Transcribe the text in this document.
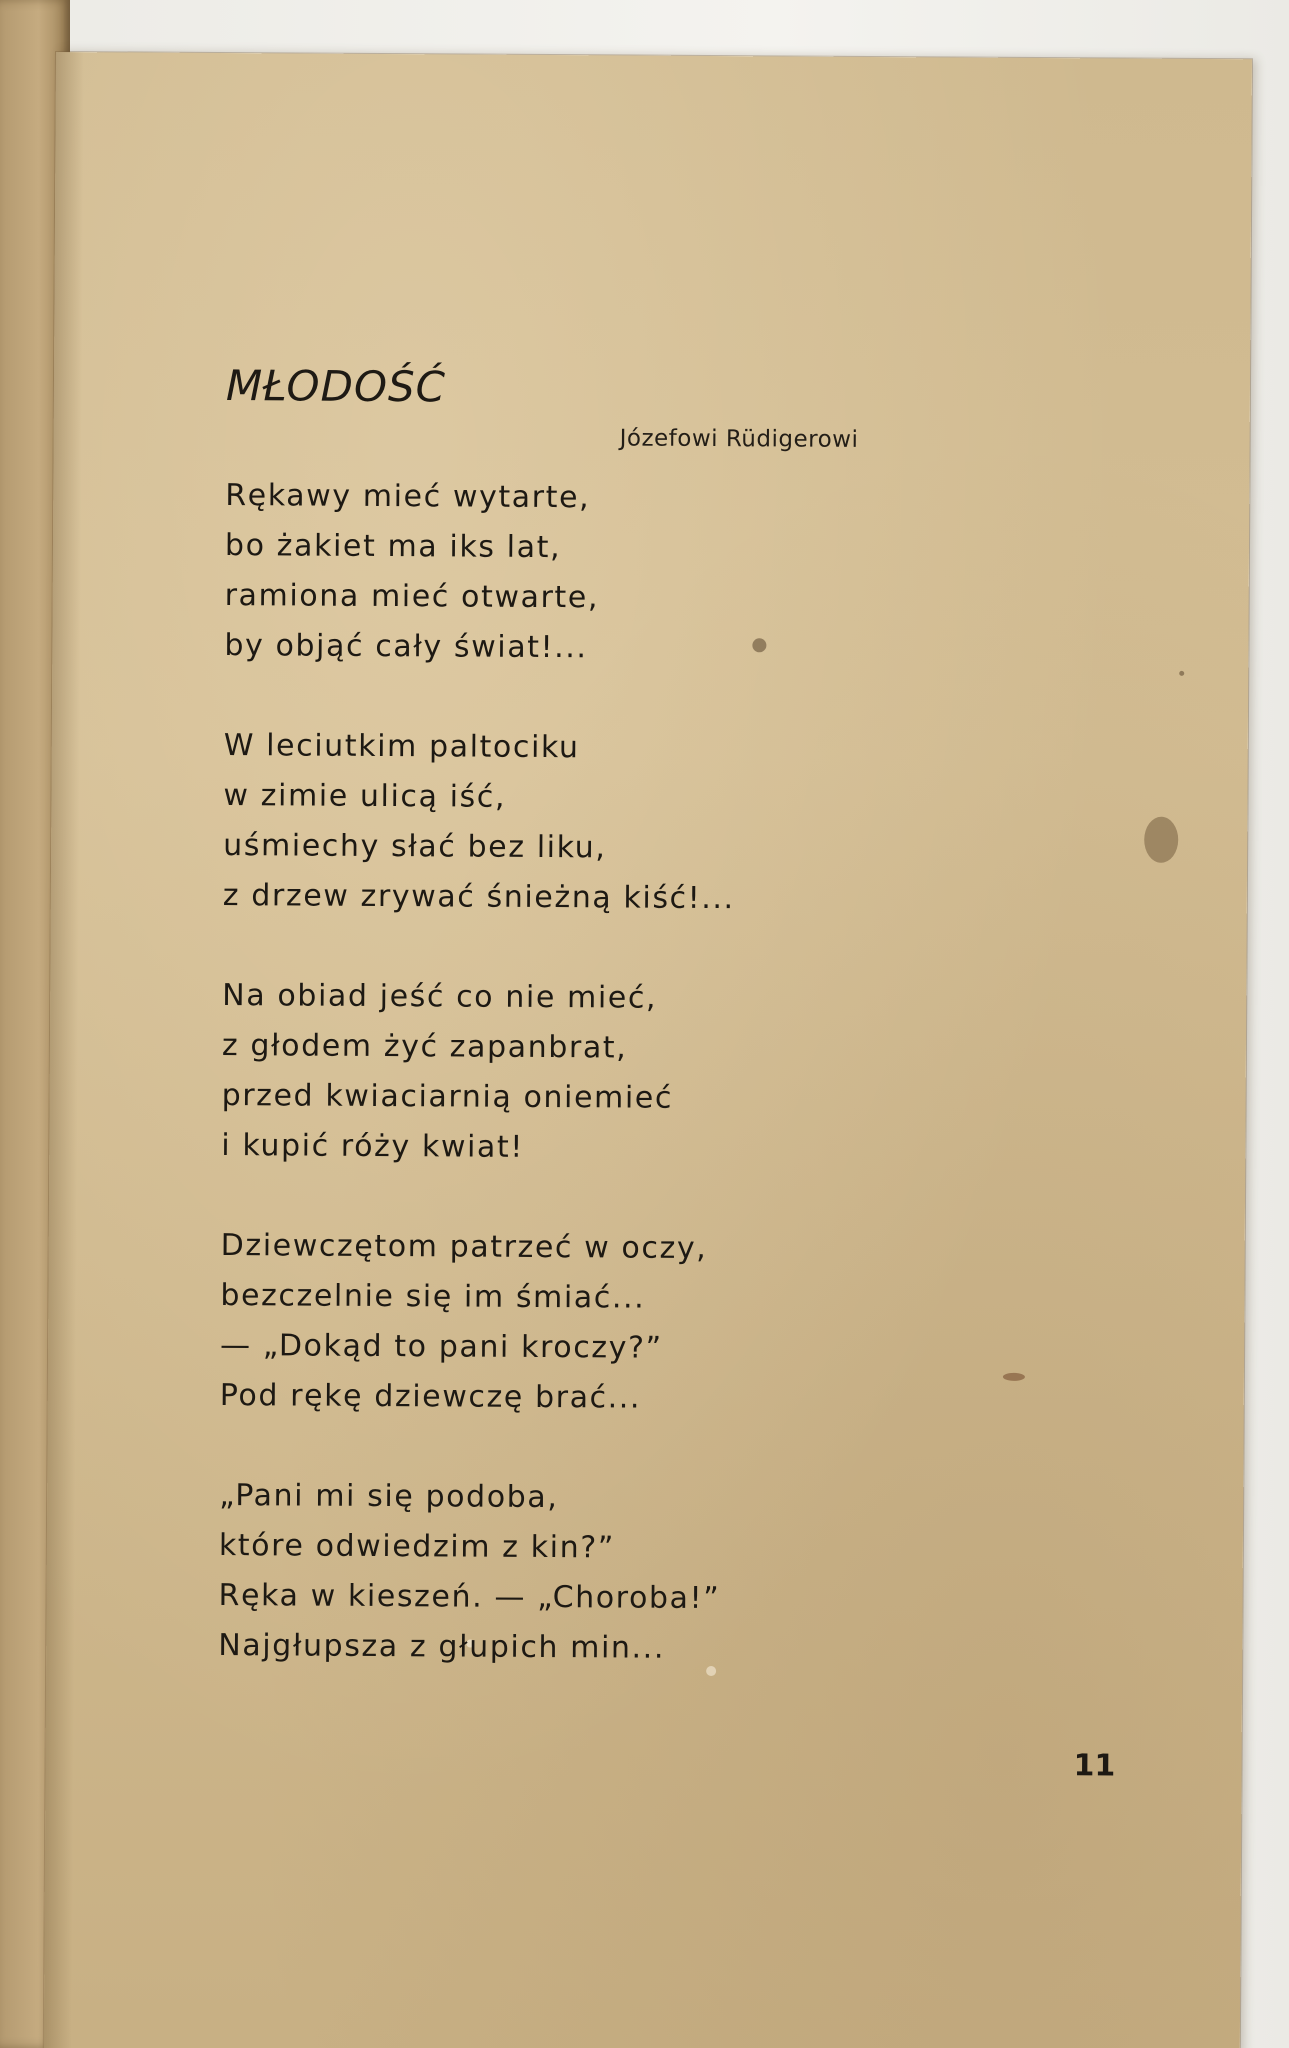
MŁODOŚĆ

Józefowi Rüdigerowi

Rękawy mieć wytarte,
bo żakiet ma iks lat,
ramiona mieć otwarte,
by objąć cały świat!...
W leciutkim paltociku
w zimie ulicą iść,
uśmiechy słać bez liku,
z drzew zrywać śnieżną kiść!...
Na obiad jeść co nie mieć,
z głodem żyć zapanbrat,
przed kwiaciarnią oniemieć
i kupić róży kwiat!
Dziewczętom patrzeć w oczy,
bezczelnie się im śmiać...
— „Dokąd to pani kroczy?”
Pod rękę dziewczę brać...
„Pani mi się podoba,
które odwiedzim z kin?”
Ręka w kieszeń. — „Choroba!”
Najgłupsza z głupich min...

11
